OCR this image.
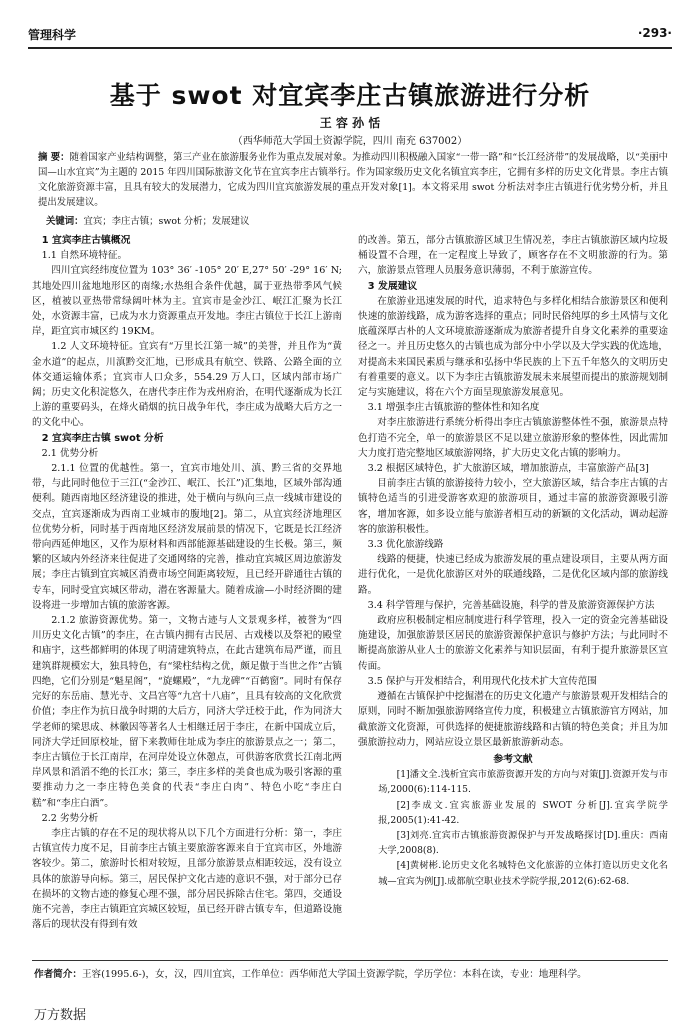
管理科学	·293·
基于 swot 对宜宾李庄古镇旅游进行分析
王 容 孙 恬
（西华师范大学国土资源学院，四川 南充 637002）
摘 要：随着国家产业结构调整，第三产业在旅游服务业作为重点发展对象。为推动四川积极融入国家“一带一路”和“长江经济带”的发展战略，以“美丽中国—山水宜宾”为主题的 2015 年四川国际旅游文化节在宜宾李庄古镇举行。作为国家级历史文化名镇宜宾李庄，它拥有多样的历史文化背景。李庄古镇文化旅游资源丰富，且具有较大的发展潜力，它成为四川宜宾旅游发展的重点开发对象[1]。本文将采用 swot 分析法对李庄古镇进行优劣势分析，并且提出发展建议。
关键词：宜宾；李庄古镇；swot 分析；发展建议
1 宜宾李庄古镇概况
1.1 自然环境特征。

四川宜宾经纬度位置为 103° 36′ -105° 20′ E,27° 50′ -29° 16′ N;其地处四川盆地地形区的南缘;水热组合条件优越，属于亚热带季风气候区，植被以亚热带常绿阔叶林为主。宜宾市是金沙江、岷江汇聚为长江处，水资源丰富，已成为水力资源重点开发地。李庄古镇位于长江上游南岸，距宜宾市城区约 19KM。

1.2 人文环境特征。宜宾有“万里长江第一城”的美誉，并且作为“黄金水道”的起点，川滇黔交汇地，已形成具有航空、铁路、公路全面的立体交通运输体系；宜宾市人口众多，554.29 万人口，区域内部市场广阔；历史文化积淀悠久，在唐代李庄作为戎州府治，在明代逐渐成为长江上游的重要码头，在烽火硝烟的抗日战争年代，李庄成为战略大后方之一的文化中心。

2 宜宾李庄古镇 swot 分析
2.1 优势分析

2.1.1 位置的优越性。第一，宜宾市地处川、滇、黔三省的交界地带，与此同时他位于三江(“金沙江、岷江、长江”)汇集地，区域外部沟通便利。随西南地区经济建设的推进，处于横向与纵向三点一线城市建设的交点，宜宾逐渐成为西南工业城市的腹地[2]。第二，从宜宾经济地理区位优势分析，同时基于西南地区经济发展前景的情况下，它既是长江经济带向西延伸地区，又作为原材料和西部能源基础建设的生长极。第三，频繁的区域内外经济来往促进了交通网络的完善，推动宜宾城区周边旅游发展；李庄古镇到宜宾城区消费市场空间距离较短，且已经开辟通往古镇的专车，同时受宜宾城区带动，潜在客源量大。随着成渝—小时经济圈的建设将进一步增加古镇的旅游客源。

2.1.2 旅游资源优势。第一，文物古迹与人文景观多样，被誉为“四川历史文化古镇”的李庄，在古镇内拥有古民居、古戏楼以及祭祀的殿堂和庙宇，这些都鲜明的体现了明清建筑特点，在此古建筑布局严谨，而且建筑群规模宏大，独具特色，有“梁柱结构之优，颇足傲于当世之作”古镇四绝，它们分别是“魁星阁”，“旋螺殿”，“九龙碑”“百鹤窗”。同时有保存完好的东岳庙、慧光寺、文昌宫等“九宫十八庙”，且具有较高的文化欣赏价值；李庄作为抗日战争时期的大后方，同济大学迁校于此，作为同济大学老师的梁思成、林徽因等著名人士相继迁居于李庄，在新中国成立后，同济大学迁回原校址，留下来教师住址成为李庄的旅游景点之一；第二，李庄古镇位于长江南岸，在河岸处设立休憩点，可供游客欣赏长江南北两岸风景和滔滔不绝的长江水；第三，李庄多样的美食也成为吸引客源的重要推动力之一李庄特色美食的代表“李庄白肉”、特色小吃“李庄白糕”和“李庄白酒”。

2.2 劣势分析

李庄古镇的存在不足的现状将从以下几个方面进行分析：第一，李庄古镇宣传力度不足，目前李庄古镇主要旅游客源来自于宜宾市区，外地游客较少。第二，旅游时长相对较短，且部分旅游景点相距较远，没有设立具体的旅游导向标。第三，居民保护文化古迹的意识不强，对于部分已存在损坏的文物古迹的修复心理不强，部分居民拆除古住宅。第四，交通设施不完善，李庄古镇距宜宾城区较短，虽已经开辟古镇专车，但道路设施落后的现状没有得到有效

的改善。第五，部分古镇旅游区域卫生情况差，李庄古镇旅游区域内垃圾桶设置不合理，在一定程度上导致了，顾客存在不文明旅游的行为。第六，旅游景点管理人员服务意识薄弱，不利于旅游宣传。

3 发展建议

在旅游业迅速发展的时代，追求特色与多样化相结合旅游景区和便利快速的旅游线路，成为游客选择的重点；同时民俗纯厚的乡土风情与文化底蕴深厚古朴的人文环境旅游逐渐成为旅游者提升自身文化素养的重要途径之一。并且历史悠久的古镇也成为部分中小学以及大学实践的优选地，对提高未来国民素质与继承和弘扬中华民族的上下五千年悠久的文明历史有着重要的意义。以下为李庄古镇旅游发展未来展望而提出的旅游规划制定与实施建议，将在六个方面呈现旅游发展意见。

3.1 增强李庄古镇旅游的整体性和知名度

对李庄旅游进行系统分析得出李庄古镇旅游整体性不强，旅游景点特色打造不完全，单一的旅游景区不足以建立旅游形象的整体性，因此需加大力度打造完整地区域旅游网络，扩大历史文化古镇的影响力。

3.2 根据区域特色，扩大旅游区域，增加旅游点，丰富旅游产品[3]

目前李庄古镇的旅游接待力较小，空大旅游区域，结合李庄古镇的古镇特色适当的引进受游客欢迎的旅游项目，通过丰富的旅游资源吸引游客，增加客源，如多设立能与旅游者相互动的新颖的文化活动，调动起游客的旅游积极性。

3.3 优化旅游线路

线路的便捷，快速已经成为旅游发展的重点建设项目，主要从两方面进行优化，一是优化旅游区对外的联通线路，二是优化区域内部的旅游线路。

3.4 科学管理与保护，完善基础设施，科学的普及旅游资源保护方法

政府应积极制定相应制度进行科学管理，投入一定的资金完善基础设施建设，加强旅游景区居民的旅游资源保护意识与修护方法；与此同时不断提高旅游从业人士的旅游文化素养与知识层面，有利于提升旅游景区宣传面。

3.5 保护与开发相结合，利用现代化技术扩大宣传范围

遵循在古镇保护中挖掘潜在的历史文化遗产与旅游景观开发相结合的原则，同时不断加强旅游网络宣传力度，积极建立古镇旅游官方网站，加截旅游文化资源，可供选择的便捷旅游线路和古镇的特色美食；并且为加强旅游拉动力，网站应设立景区最新旅游新动态。

参考文献

[1]潘文全.浅析宜宾市旅游资源开发的方向与对策[J].资源开发与市场,2000(6):114-115.

[2]李成文.宜宾旅游业发展的 SWOT 分析[J].宜宾学院学报,2005(1):41-42.

[3]刘亮.宜宾市古镇旅游资源保护与开发战略探讨[D].重庆：西南大学,2008(8).

[4]黄树彬.论历史文化名城特色文化旅游的立体打造以历史文化名城—宜宾为例[J].成都航空职业技术学院学报,2012(6):62-68.

作者简介：王容(1995.6-)，女，汉，四川宜宾，工作单位：西华师范大学国土资源学院，学历学位：本科在读，专业：地理科学。
万方数据
